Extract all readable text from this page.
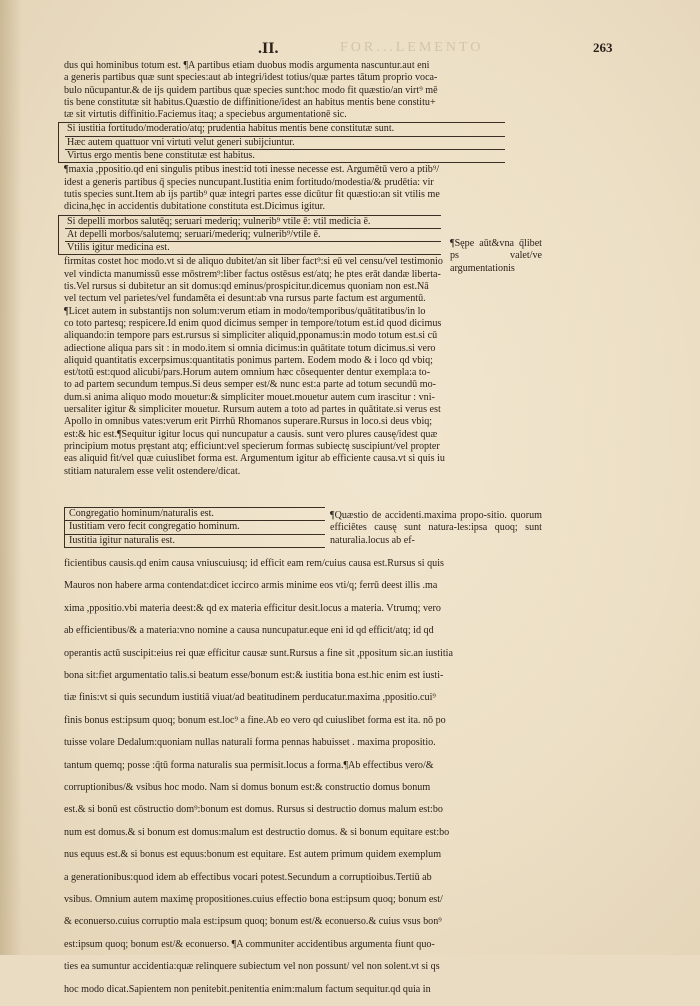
FOR...LEMENTO
.II.	263

dus qui hominibus totum est. ¶A partibus etiam duobus modis argumenta nascuntur.aut eni

a generis partibus quæ sunt species:aut ab integri/idest totius/quæ partes tātum proprio voca-

bulo nūcupantur.& de ijs quidem partibus quæ species sunt:hoc modo fit quæstio/an virt⁹ mē

tis bene constitutæ sit habitus.Quæstio de diffinitione/idest an habitus mentis bene constitu+

tæ sit virtutis diffinitio.Faciemus itaq; a speciebus argumentationē sic.

Si iustitia fortitudo/moderatio/atq; prudentia habitus mentis bene constitutæ sunt.
Hæc autem quattuor vni virtuti velut generi subijciuntur.
Virtus ergo mentis bene constitutæ est habitus.

¶maxia ,ppositio.qd eni singulis ptibus inest:id toti inesse necesse est. Argumētū vero a ptib⁹/

idest a generis partibus q̄ species nuncupant.Iustitia enim fortitudo/modestia/& prudētia: vir

tutis species sunt.Item ab ijs partib⁹ quæ integri partes esse dicūtur fit quæstio:an sit vtilis me

dicina,hęc in accidentis dubitatione constituta est.Dicimus igitur.

Si depelli morbos salutēq; seruari mederiq; vulnerib⁹ vtile ē: vtil medicia ē.
At depelli morbos/salutemq; seruari/mederiq; vulnerib⁹/vtile ē.
Vtilis igitur medicina est.

firmitas costet hoc modo.vt si de aliquo dubitet/an sit liber fact⁹:si eū vel censu/vel testimonio

vel vindicta manumissū esse mōstrem⁹:liber factus ostēsus est/atq; he ptes erāt dandæ liberta-

tis.Vel rursus si dubitetur an sit domus:qd eminus/prospicitur.dicemus quoniam non est.Nā

vel tectum vel parietes/vel fundamēta ei desunt:ab vna rursus parte factum est argumentū.

¶Licet autem in substantijs non solum:verum etiam in modo/temporibus/quātitatibus/in lo

co toto partesq; respicere.Id enim quod dicimus semper in tempore/totum est.id quod dicimus

aliquando:in tempore pars est.rursus si simpliciter aliquid,pponamus:in modo totum est.si cū

adiectione aliqua pars sit : in modo.item si omnia dicimus:in quātitate totum dicimus.si vero

aliquid quantitatis excerpsimus:quantitatis ponimus partem. Eodem modo & i loco qd vbiq;

est/totū est:quod alicubi/pars.Horum autem omnium hæc cōsequenter dentur exempla:a to-

to ad partem secundum tempus.Si deus semper est/& nunc est:a parte ad totum secundū mo-

dum.si anima aliquo modo mouetur:& simpliciter mouet.mouetur autem cum irascitur : vni-

uersaliter igitur & simpliciter mouetur. Rursum autem a toto ad partes in quātitate.si verus est

Apollo in omnibus vates:verum erit Pirrhū Rhomanos superare.Rursus in loco.si deus vbiq;

est:& hic est.¶Sequitur igitur locus qui nuncupatur a causis. sunt vero plures causę/idest quæ

principium motus pręstant atq; efficiunt:vel specierum formas subiectę suscipiunt/vel propter

eas aliquid fit/vel quæ cuiuslibet forma est. Argumentum igitur ab efficiente causa.vt si quis iu

stitiam naturalem esse velit ostendere/dicat.

¶Sępe aūt&vna q̄libet ps valet/ve argumentationis
Congregatio hominum/naturalis est.
Iustitiam vero fecit congregatio hominum.
Iustitia igitur naturalis est.
¶Quæstio de accidenti.maxima propo-sitio. quorum efficiētes causę sunt natura-les:ipsa quoq; sunt naturalia.locus ab ef-

ficientibus causis.qd enim causa vniuscuiusq; id efficit eam rem/cuius causa est.Rursus si quis

Mauros non habere arma contendat:dicet iccirco armis minime eos vti/q; ferrū deest illis .ma

xima ,ppositio.vbi materia deest:& qd ex materia efficitur desit.locus a materia. Vtrumq; vero

ab efficientibus/& a materia:vno nomine a causa nuncupatur.eque eni id qd efficit/atq; id qd

operantis actū suscipit:eius rei quæ efficitur causæ sunt.Rursus a fine sit ,ppositum sic.an iustitia

bona sit:fiet argumentatio talis.si beatum esse/bonum est:& iustitia bona est.hic enim est iusti-

tiæ finis:vt si quis secundum iustitiā viuat/ad beatitudinem perducatur.maxima ,ppositio.cui⁹

finis bonus est:ipsum quoq; bonum est.loc⁹ a fine.Ab eo vero qd cuiuslibet forma est ita. nō po

tuisse volare Dedalum:quoniam nullas naturali forma pennas habuisset . maxima propositio.

tantum quemq; posse :q̄tū forma naturalis sua permisit.locus a forma.¶Ab effectibus vero/&

corruptionibus/& vsibus hoc modo. Nam si domus bonum est:& constructio domus bonum

est.& si bonū est cōstructio dom⁹:bonum est domus. Rursus si destructio domus malum est:bo

num est domus.& si bonum est domus:malum est destructio domus. & si bonum equitare est:bo

nus equus est.& si bonus est equus:bonum est equitare. Est autem primum quidem exemplum

a generationibus:quod idem ab effectibus vocari potest.Secundum a corruptioibus.Tertiū ab

vsibus. Omnium autem maximę propositiones.cuius effectio bona est:ipsum quoq; bonum est/

& econuerso.cuius corruptio mala est:ipsum quoq; bonum est/& econuerso.& cuius vsus bon⁹

est:ipsum quoq; bonum est/& econuerso. ¶A communiter accidentibus argumenta fiunt quo-

ties ea sumuntur accidentia:quæ relinquere subiectum vel non possunt/ vel non solent.vt si qs

hoc modo dicat.Sapientem non penitebit.penitentia enim:malum factum sequitur.qd quia in
